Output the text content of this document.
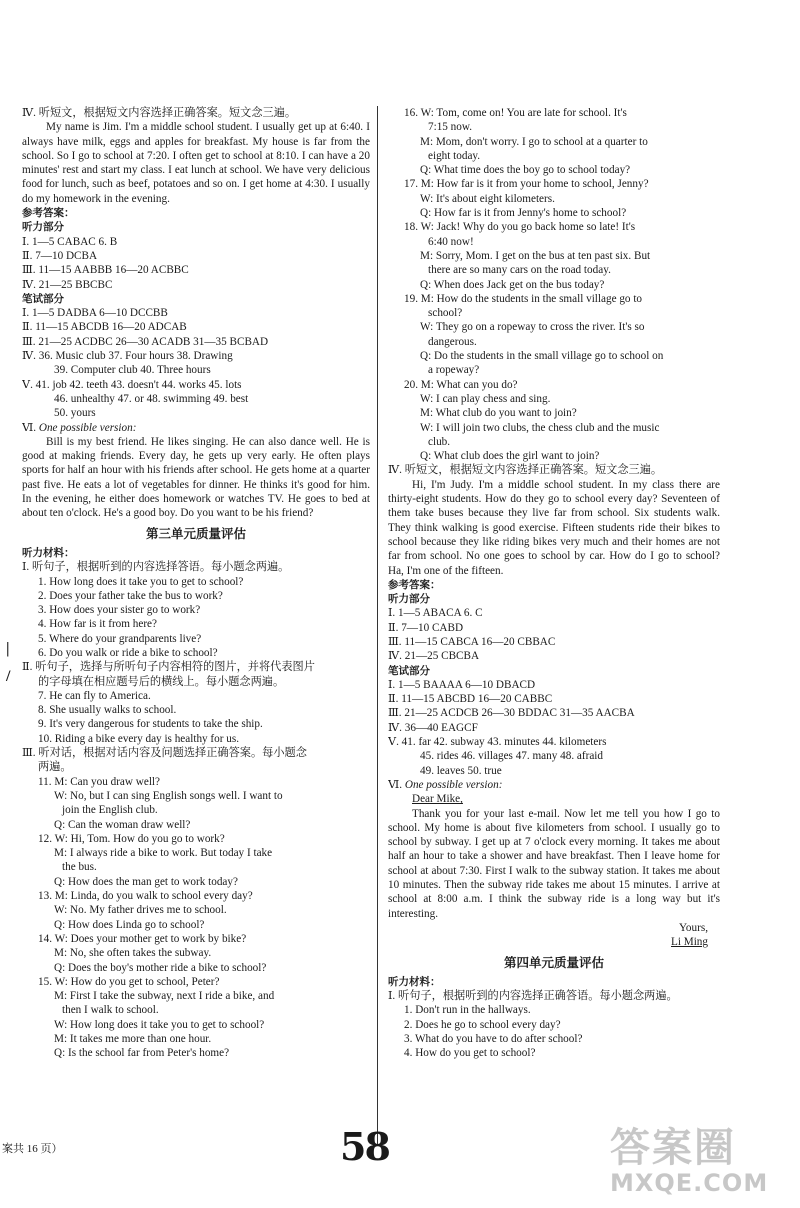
Ⅳ. 听短文，根据短文内容选择正确答案。短文念三遍。
My name is Jim. I'm a middle school student. I usually get up at 6:40. I always have milk, eggs and apples for breakfast. My house is far from the school. So I go to school at 7:20. I often get to school at 8:10. I can have a 20 minutes' rest and start my class. I eat lunch at school. We have very delicious food for lunch, such as beef, potatoes and so on. I get home at 4:30. I usually do my homework in the evening.
参考答案：
听力部分
Ⅰ. 1—5 CABAC 6. B
Ⅱ. 7—10 DCBA
Ⅲ. 11—15 AABBB 16—20 ACBBC
Ⅳ. 21—25 BBCBC
笔试部分
Ⅰ. 1—5 DADBA 6—10 DCCBB
Ⅱ. 11—15 ABCDB 16—20 ADCAB
Ⅲ. 21—25 ACDBC 26—30 ACADB 31—35 BCBAD
Ⅳ. 36. Music club 37. Four hours 38. Drawing
39. Computer club 40. Three hours
Ⅴ. 41. job 42. teeth 43. doesn't 44. works 45. lots
46. unhealthy 47. or 48. swimming 49. best
50. yours
Ⅵ. One possible version:
Bill is my best friend. He likes singing. He can also dance well. He is good at making friends. Every day, he gets up very early. He often plays sports for half an hour with his friends after school. He gets home at a quarter past five. He eats a lot of vegetables for dinner. He thinks it's good for him. In the evening, he either does homework or watches TV. He goes to bed at about ten o'clock. He's a good boy. Do you want to be his friend?
第三单元质量评估
听力材料：
Ⅰ. 听句子，根据听到的内容选择答语。每小题念两遍。
1. How long does it take you to get to school?
2. Does your father take the bus to work?
3. How does your sister go to work?
4. How far is it from here?
5. Where do your grandparents live?
6. Do you walk or ride a bike to school?
Ⅱ. 听句子，选择与所听句子内容相符的图片，并将代表图片
的字母填在相应题号后的横线上。每小题念两遍。
7. He can fly to America.
8. She usually walks to school.
9. It's very dangerous for students to take the ship.
10. Riding a bike every day is healthy for us.
Ⅲ. 听对话，根据对话内容及问题选择正确答案。每小题念
两遍。
11. M: Can you draw well?
W: No, but I can sing English songs well. I want to
join the English club.
Q: Can the woman draw well?
12. W: Hi, Tom. How do you go to work?
M: I always ride a bike to work. But today I take
the bus.
Q: How does the man get to work today?
13. M: Linda, do you walk to school every day?
W: No. My father drives me to school.
Q: How does Linda go to school?
14. W: Does your mother get to work by bike?
M: No, she often takes the subway.
Q: Does the boy's mother ride a bike to school?
15. W: How do you get to school, Peter?
M: First I take the subway, next I ride a bike, and
then I walk to school.
W: How long does it take you to get to school?
M: It takes me more than one hour.
Q: Is the school far from Peter's home?
16. W: Tom, come on! You are late for school. It's
7:15 now.
M: Mom, don't worry. I go to school at a quarter to
eight today.
Q: What time does the boy go to school today?
17. M: How far is it from your home to school, Jenny?
W: It's about eight kilometers.
Q: How far is it from Jenny's home to school?
18. W: Jack! Why do you go back home so late! It's
6:40 now!
M: Sorry, Mom. I get on the bus at ten past six. But
there are so many cars on the road today.
Q: When does Jack get on the bus today?
19. M: How do the students in the small village go to
school?
W: They go on a ropeway to cross the river. It's so
dangerous.
Q: Do the students in the small village go to school on
a ropeway?
20. M: What can you do?
W: I can play chess and sing.
M: What club do you want to join?
W: I will join two clubs, the chess club and the music
club.
Q: What club does the girl want to join?
Ⅳ. 听短文，根据短文内容选择正确答案。短文念三遍。
Hi, I'm Judy. I'm a middle school student. In my class there are thirty-eight students. How do they go to school every day? Seventeen of them take buses because they live far from school. Six students walk. They think walking is good exercise. Fifteen students ride their bikes to school because they like riding bikes very much and their homes are not far from school. No one goes to school by car. How do I go to school? Ha, I'm one of the fifteen.
参考答案：
听力部分
Ⅰ. 1—5 ABACA 6. C
Ⅱ. 7—10 CABD
Ⅲ. 11—15 CABCA 16—20 CBBAC
Ⅳ. 21—25 CBCBA
笔试部分
Ⅰ. 1—5 BAAAA 6—10 DBACD
Ⅱ. 11—15 ABCBD 16—20 CABBC
Ⅲ. 21—25 ACDCB 26—30 BDDAC 31—35 AACBA
Ⅳ. 36—40 EAGCF
Ⅴ. 41. far 42. subway 43. minutes 44. kilometers
45. rides 46. villages 47. many 48. afraid
49. leaves 50. true
Ⅵ. One possible version:
Dear Mike,
Thank you for your last e-mail. Now let me tell you how I go to school. My home is about five kilometers from school. I usually go to school by subway. I get up at 7 o'clock every morning. It takes me about half an hour to take a shower and have breakfast. Then I leave home for school at about 7:30. First I walk to the subway station. It takes me about 10 minutes. Then the subway ride takes me about 15 minutes. I arrive at school at 8:00 a.m. I think the subway ride is a long way but it's interesting.
Yours,
Li Ming
第四单元质量评估
听力材料：
Ⅰ. 听句子，根据听到的内容选择正确答语。每小题念两遍。
1. Don't run in the hallways.
2. Does he go to school every day?
3. What do you have to do after school?
4. How do you get to school?
|
/
案共 16 页）	58	答案圈
MXQE.COM
